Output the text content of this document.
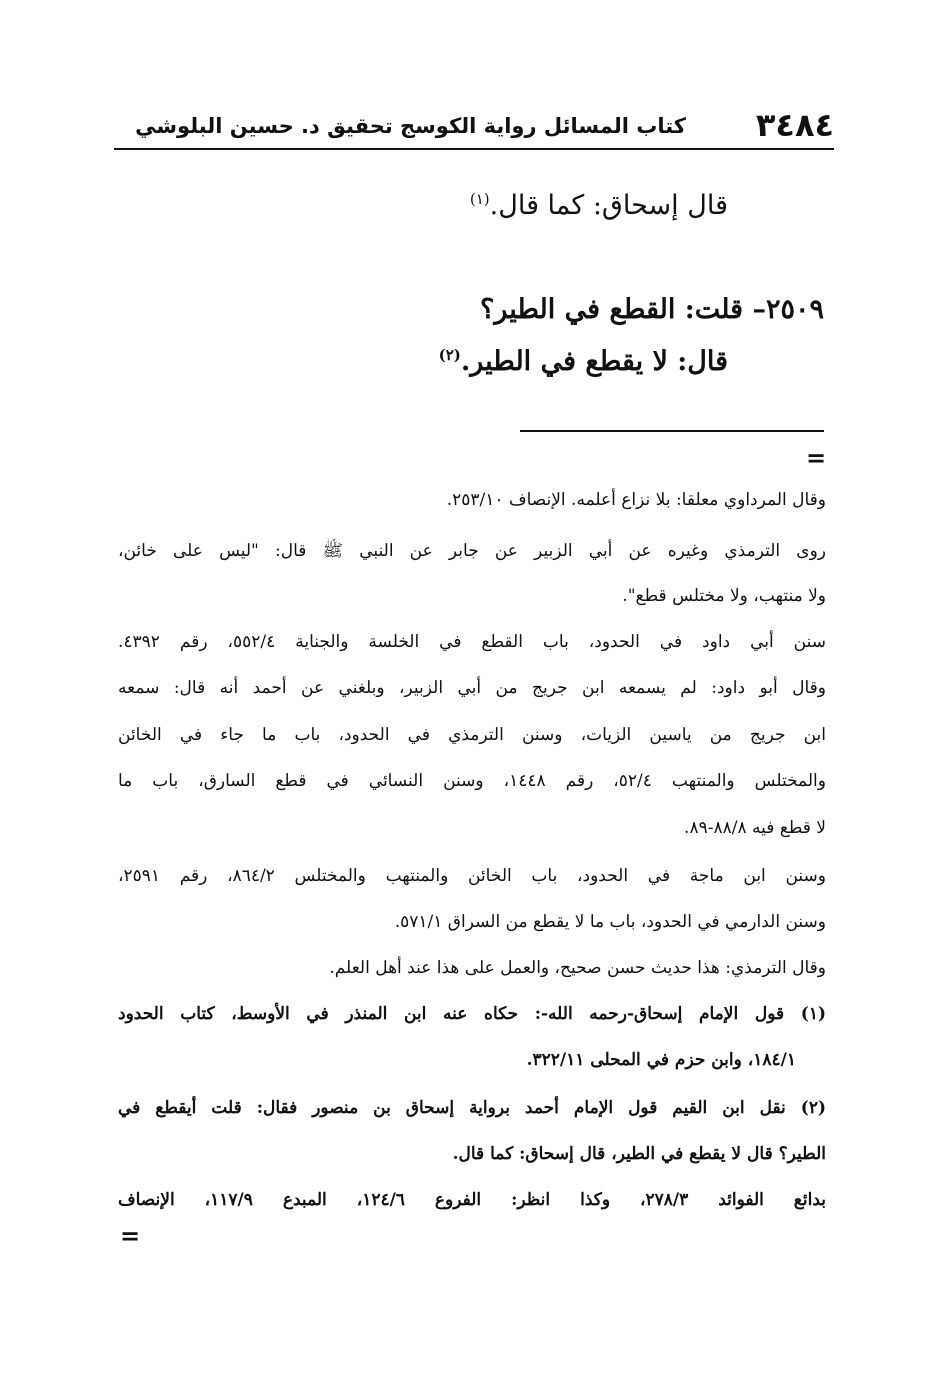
٣٤٨٤
كتاب المسائل رواية الكوسج تحقيق د. حسين البلوشي
قال إسحاق: كما قال.$^{(١)}$
٢٥٠٩– قلت: القطع في الطير؟
قال: لا يقطع في الطير.$^{(٢)}$
=
وقال المرداوي معلقا: بلا نزاع أعلمه. الإنصاف ٢٥٣/١٠.
روى الترمذي وغيره عن أبي الزبير عن جابر عن النبي ﷺ قال: "ليس على خائن،
ولا منتهب، ولا مختلس قطع".
سنن أبي داود في الحدود، باب القطع في الخلسة والجناية ٥٥٢/٤، رقم ٤٣٩٢.
وقال أبو داود: لم يسمعه ابن جريج من أبي الزبير، وبلغني عن أحمد أنه قال: سمعه
ابن جريج من ياسين الزيات، وسنن الترمذي في الحدود، باب ما جاء في الخائن
والمختلس والمنتهب ٥٢/٤، رقم ١٤٤٨، وسنن النسائي في قطع السارق، باب ما
لا قطع فيه ٨٨/٨-٨٩.
وسنن ابن ماجة في الحدود، باب الخائن والمنتهب والمختلس ٨٦٤/٢، رقم ٢٥٩١،
وسنن الدارمي في الحدود، باب ما لا يقطع من السراق ٥٧١/١.
وقال الترمذي: هذا حديث حسن صحيح، والعمل على هذا عند أهل العلم.
(١) قول الإمام إسحاق-رحمه الله-: حكاه عنه ابن المنذر في الأوسط، كتاب الحدود
١٨٤/١، وابن حزم في المحلى ٣٢٢/١١.
(٢) نقل ابن القيم قول الإمام أحمد برواية إسحاق بن منصور فقال: قلت أيقطع في
الطير؟ قال لا يقطع في الطير، قال إسحاق: كما قال.
بدائع الفوائد ٢٧٨/٣، وكذا انظر: الفروع ١٢٤/٦، المبدع ١١٧/٩، الإنصاف
=
